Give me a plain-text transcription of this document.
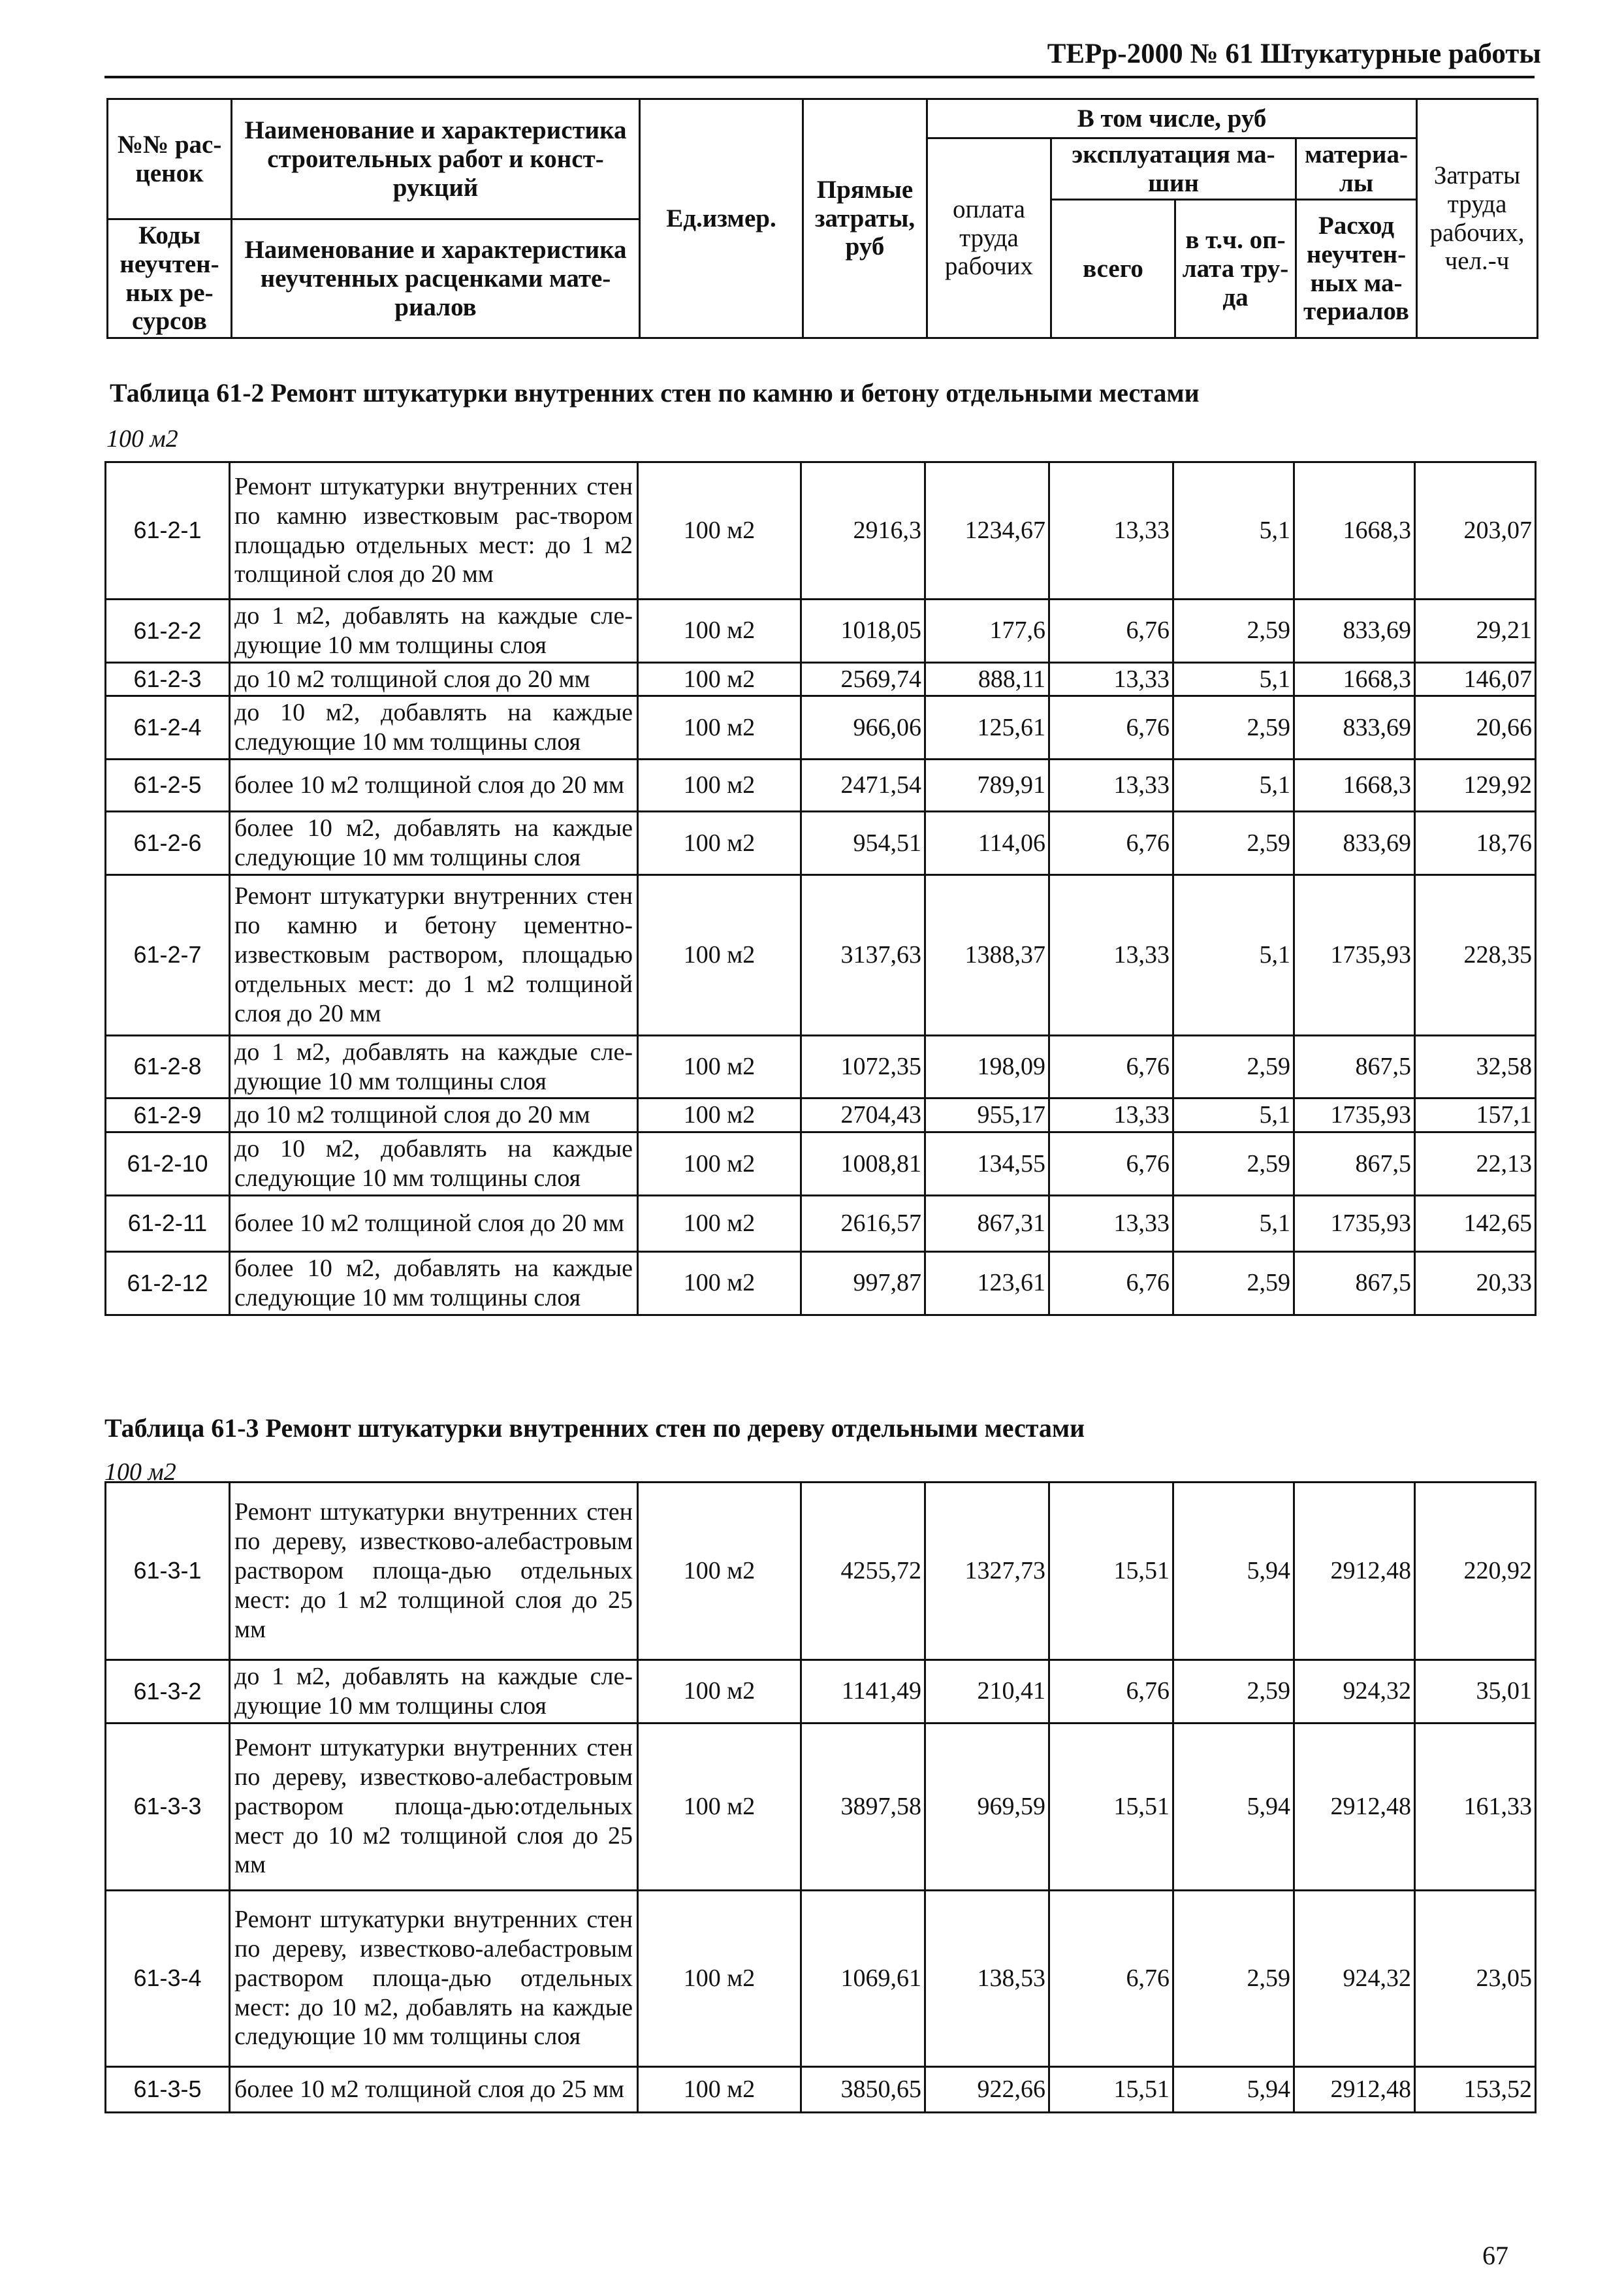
ТЕРр-2000 № 61 Штукатурные работы
№№ рас-ценок	Наименование и характеристика строительных работ и конст-рукций	Ед.измер.	Прямые затраты, руб	В том числе, руб				Затраты труда рабочих, чел.-ч
				оплата труда рабочих	эксплуатация ма-шин		материа-лы	
					всего	в т.ч. оп-лата тру-да	Расход неучтен-ных ма-териалов	
Коды неучтен-ных ре-сурсов	Наименование и характеристика неучтенных расценками мате-риалов							

Таблица 61-2 Ремонт штукатурки внутренних стен по камню и бетону отдельными местами
100 м2
61-2-1	Ремонт штукатурки внутренних стен по камню известковым рас-твором площадью отдельных мест: до 1 м2 толщиной слоя до 20 мм	100 м2	2916,3	1234,67	13,33	5,1	1668,3	203,07
61-2-2	до 1 м2, добавлять на каждые сле-дующие 10 мм толщины слоя	100 м2	1018,05	177,6	6,76	2,59	833,69	29,21
61-2-3	до 10 м2 толщиной слоя до 20 мм	100 м2	2569,74	888,11	13,33	5,1	1668,3	146,07
61-2-4	до 10 м2, добавлять на каждые следующие 10 мм толщины слоя	100 м2	966,06	125,61	6,76	2,59	833,69	20,66
61-2-5	более 10 м2 толщиной слоя до 20 мм	100 м2	2471,54	789,91	13,33	5,1	1668,3	129,92
61-2-6	более 10 м2, добавлять на каждые следующие 10 мм толщины слоя	100 м2	954,51	114,06	6,76	2,59	833,69	18,76
61-2-7	Ремонт штукатурки внутренних стен по камню и бетону цементно-известковым раствором, площадью отдельных мест: до 1 м2 толщиной слоя до 20 мм	100 м2	3137,63	1388,37	13,33	5,1	1735,93	228,35
61-2-8	до 1 м2, добавлять на каждые сле-дующие 10 мм толщины слоя	100 м2	1072,35	198,09	6,76	2,59	867,5	32,58
61-2-9	до 10 м2 толщиной слоя до 20 мм	100 м2	2704,43	955,17	13,33	5,1	1735,93	157,1
61-2-10	до 10 м2, добавлять на каждые следующие 10 мм толщины слоя	100 м2	1008,81	134,55	6,76	2,59	867,5	22,13
61-2-11	более 10 м2 толщиной слоя до 20 мм	100 м2	2616,57	867,31	13,33	5,1	1735,93	142,65
61-2-12	более 10 м2, добавлять на каждые следующие 10 мм толщины слоя	100 м2	997,87	123,61	6,76	2,59	867,5	20,33
Таблица 61-3 Ремонт штукатурки внутренних стен по дереву отдельными местами
100 м2
61-3-1	Ремонт штукатурки внутренних стен по дереву, известково-алебастровым раствором площа-дью отдельных мест: до 1 м2 толщиной слоя до 25 мм	100 м2	4255,72	1327,73	15,51	5,94	2912,48	220,92
61-3-2	до 1 м2, добавлять на каждые сле-дующие 10 мм толщины слоя	100 м2	1141,49	210,41	6,76	2,59	924,32	35,01
61-3-3	Ремонт штукатурки внутренних стен по дереву, известково-алебастровым раствором площа-дью:отдельных мест до 10 м2 толщиной слоя до 25 мм	100 м2	3897,58	969,59	15,51	5,94	2912,48	161,33
61-3-4	Ремонт штукатурки внутренних стен по дереву, известково-алебастровым раствором площа-дью отдельных мест: до 10 м2, добавлять на каждые следующие 10 мм толщины слоя	100 м2	1069,61	138,53	6,76	2,59	924,32	23,05
61-3-5	более 10 м2 толщиной слоя до 25 мм	100 м2	3850,65	922,66	15,51	5,94	2912,48	153,52
67
